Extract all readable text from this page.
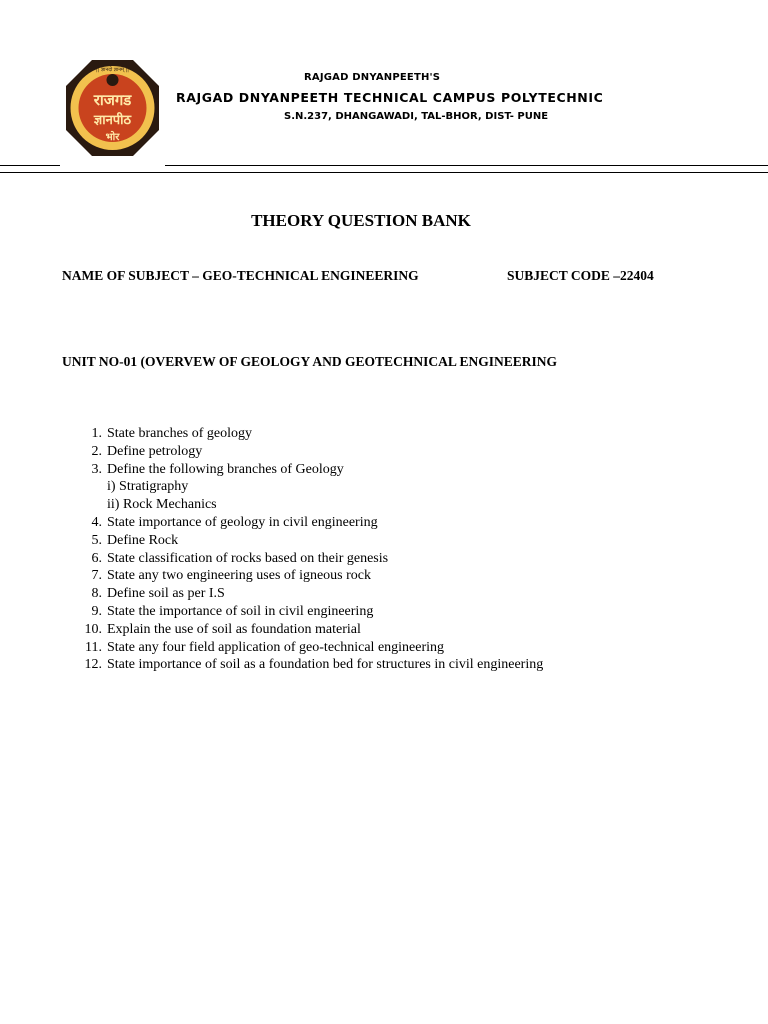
|| ज्ञानदो ज्ञानम् ||
राजगड
ज्ञानपीठ
भोर
RAJGAD DNYANPEETH'S
RAJGAD DNYANPEETH TECHNICAL CAMPUS POLYTECHNIC
S.N.237, DHANGAWADI, TAL-BHOR, DIST- PUNE
THEORY QUESTION BANK
NAME OF SUBJECT – GEO-TECHNICAL ENGINEERING	SUBJECT CODE –22404
UNIT NO-01 (OVERVEW OF GEOLOGY AND GEOTECHNICAL ENGINEERING
1. State branches of geology
2. Define petrology
3. Define the following branches of Geology
i) Stratigraphy
ii) Rock Mechanics
4. State importance of geology in civil engineering
5. Define Rock
6. State classification of rocks based on their genesis
7. State any two engineering uses of igneous rock
8. Define soil as per I.S
9. State the importance of soil in civil engineering
10. Explain the use of soil as foundation material
11. State any four field application of geo-technical engineering
12. State importance of soil as a foundation bed for structures in civil engineering
